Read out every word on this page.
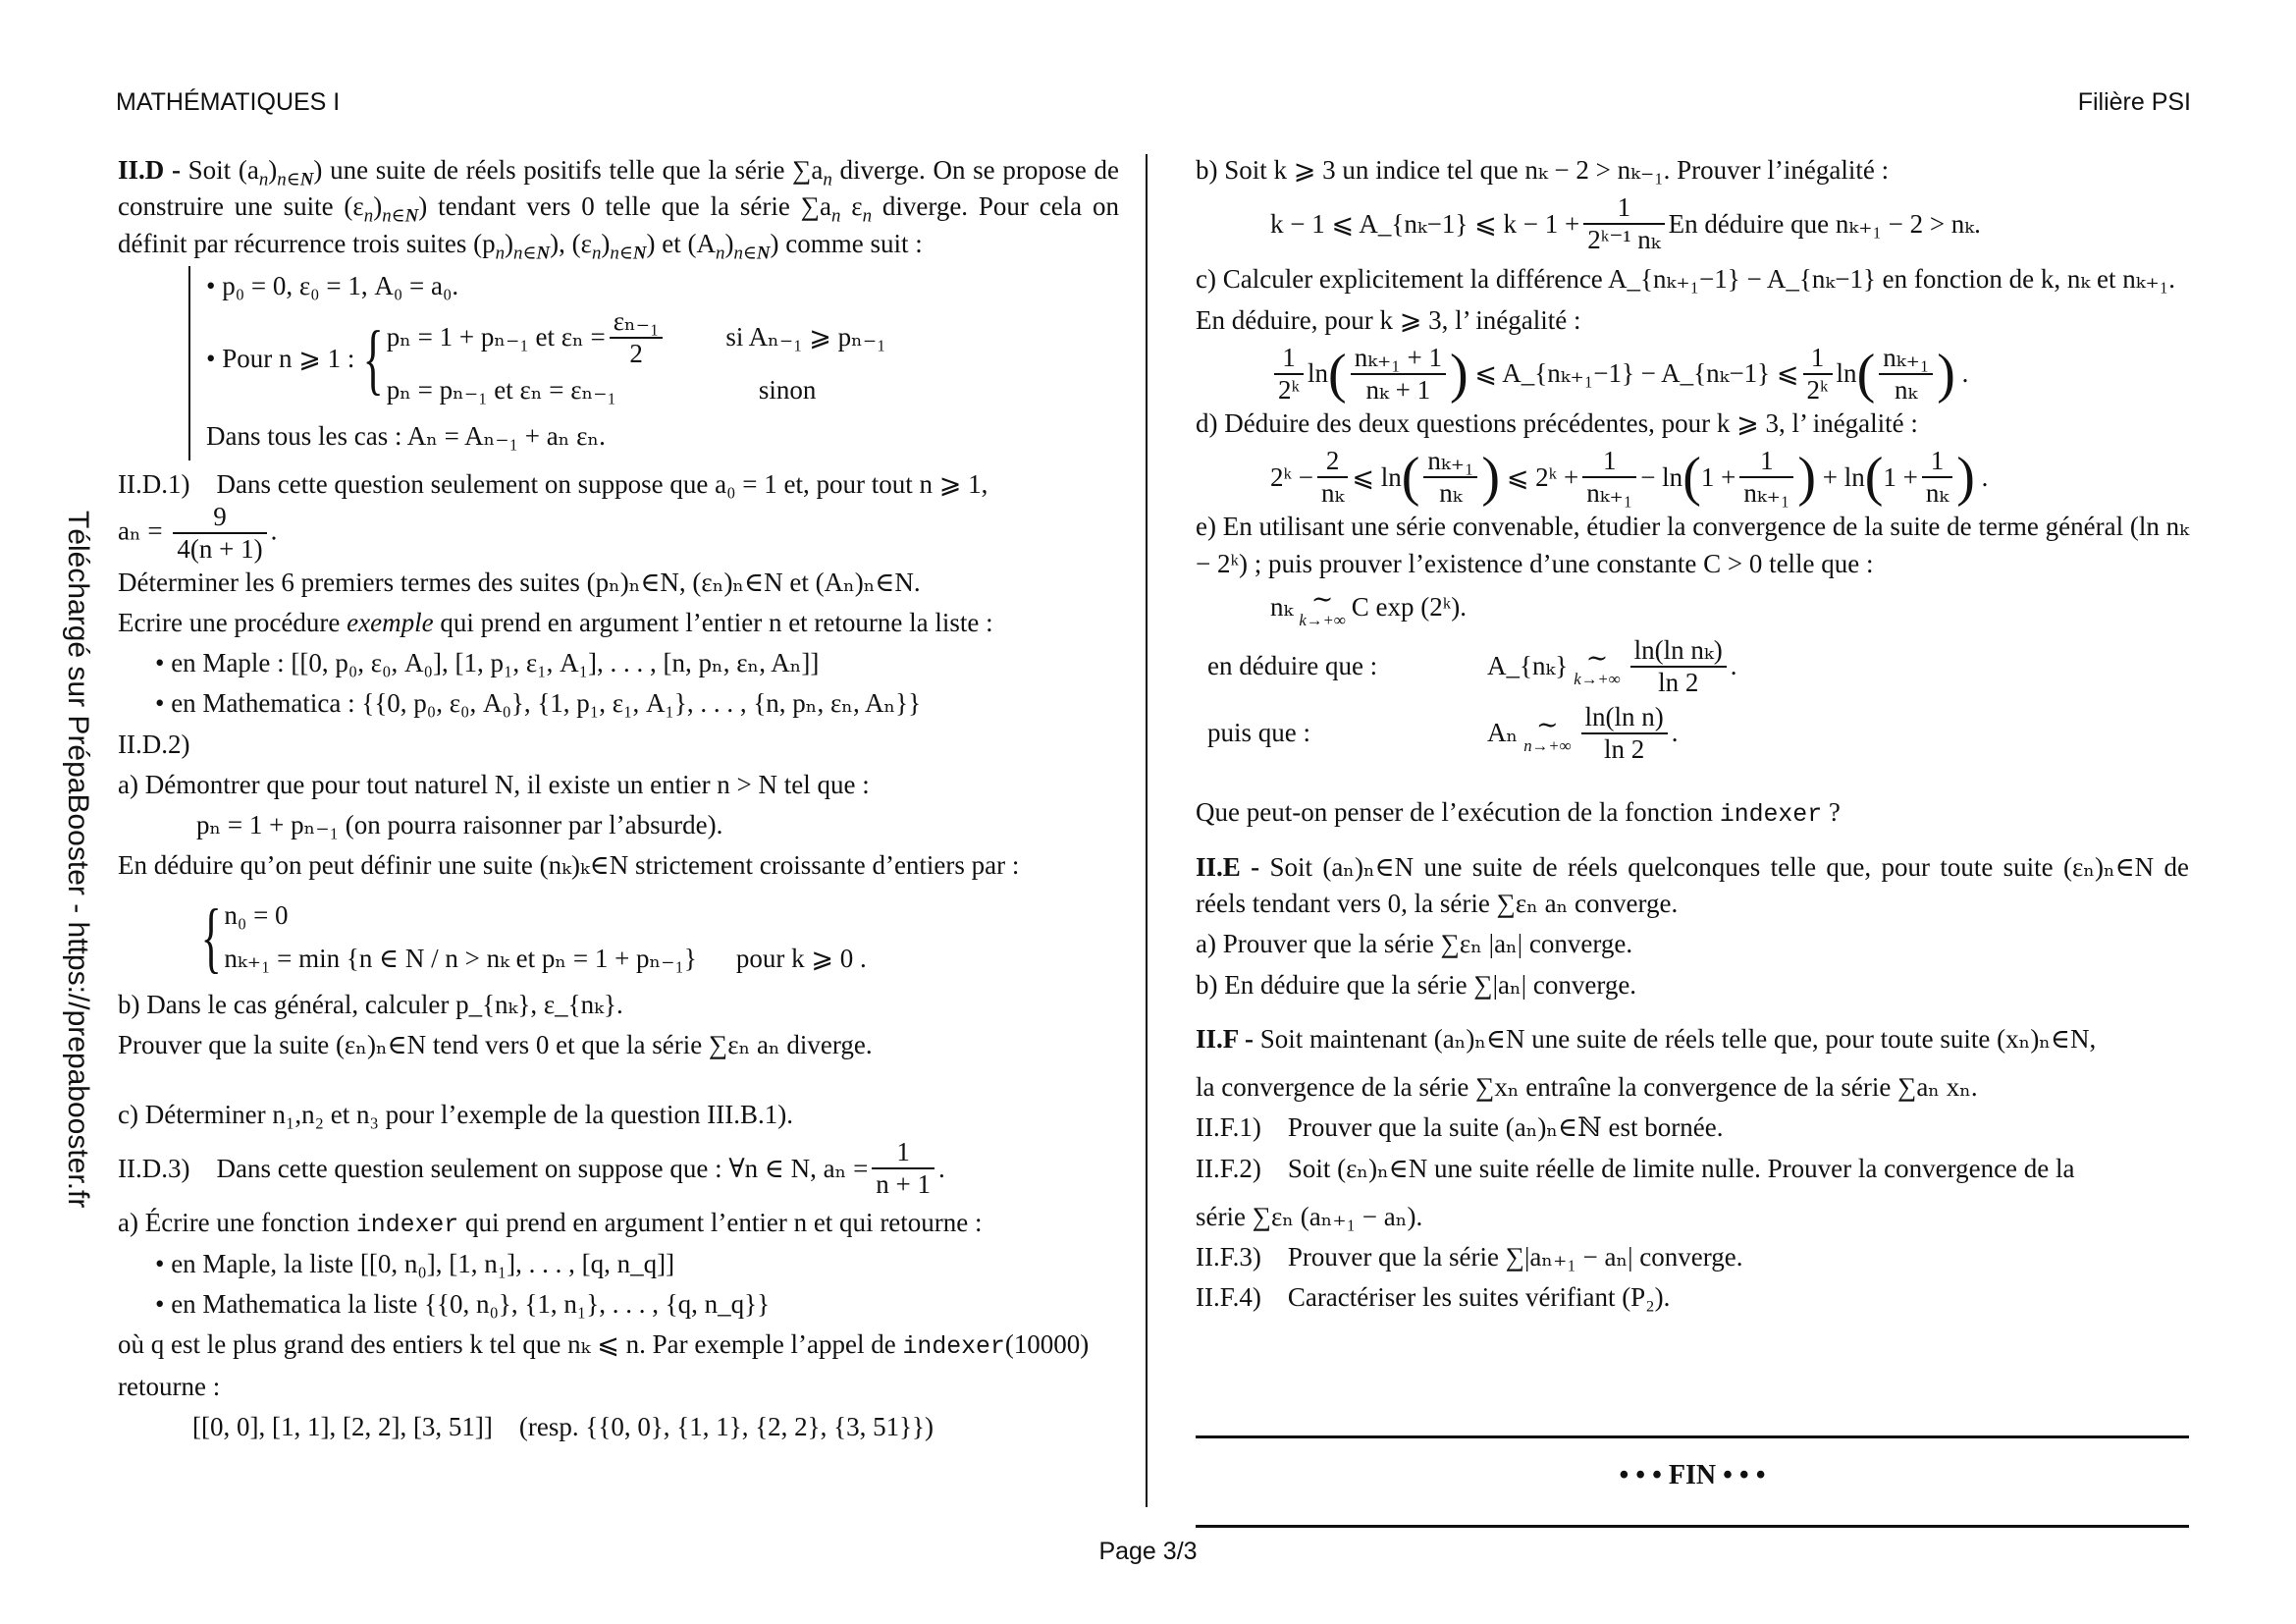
MATHÉMATIQUES I	Filière PSI
Téléchargé sur PrépaBooster - https://prepabooster.fr

II.D - Soit $(a_n)_{n\in N}$) une suite de réels positifs telle que la série $\sum a_n$ diverge. On se propose de construire une suite $(\varepsilon_n)_{n\in N}$) tendant vers 0 telle que la série $\sum a_n$ $\varepsilon_n$ diverge. Pour cela on définit par récurrence trois suites $(p_n)_{n\in N}$), $(\varepsilon_n)_{n\in N}$) et $(A_n)_{n\in N}$) comme suit :

• p₀ = 0, ε₀ = 1, A₀ = a₀.
• Pour n ⩾ 1 : { pₙ = 1 + pₙ₋₁ et $\varepsilon_n = \frac{\text{εₙ₋₁}}{2}$ si Aₙ₋₁ ⩾ pₙ₋₁
pₙ = pₙ₋₁ et εₙ = εₙ₋₁	sinon
Dans tous les cas : Aₙ = Aₙ₋₁ + aₙ εₙ.

II.D.1) Dans cette question seulement on suppose que a₀ = 1 et, pour tout n ⩾ 1,

$a_n = \frac{9}{4(n + 1)}$ .

Déterminer les 6 premiers termes des suites (pₙ)ₙ∈N, (εₙ)ₙ∈N et (Aₙ)ₙ∈N.

Ecrire une procédure exemple qui prend en argument l’entier n et retourne la liste :

• en Maple : [[0, p₀, ε₀, A₀], [1, p₁, ε₁, A₁], . . . , [n, pₙ, εₙ, Aₙ]]

• en Mathematica : {{0, p₀, ε₀, A₀}, {1, p₁, ε₁, A₁}, . . . , {n, pₙ, εₙ, Aₙ}}

II.D.2)

a) Démontrer que pour tout naturel N, il existe un entier n > N tel que :

pₙ = 1 + pₙ₋₁ (on pourra raisonner par l’absurde).

En déduire qu’on peut définir une suite (nₖ)ₖ∈N strictement croissante d’entiers par :

{ n₀ = 0
nₖ₊₁ = min {n ∈ N / n > nₖ et pₙ = 1 + pₙ₋₁} pour k ⩾ 0 .

b) Dans le cas général, calculer p_{nₖ}, ε_{nₖ}.

Prouver que la suite (εₙ)ₙ∈N tend vers 0 et que la série ∑εₙ aₙ diverge.

c) Déterminer n₁,n₂ et n₃ pour l’exemple de la question III.B.1).

II.D.3)
Dans cette question seulement on suppose que : ∀n ∈ N, $a_n = \frac{1}{n + 1}$ .

a) Écrire une fonction indexer qui prend en argument l’entier n et qui retourne :

• en Maple, la liste [[0, n₀], [1, n₁], . . . , [q, n_q]]

• en Mathematica la liste {{0, n₀}, {1, n₁}, . . . , {q, n_q}}

où q est le plus grand des entiers k tel que nₖ ⩽ n. Par exemple l’appel de indexer(10000)

retourne :

[[0, 0], [1, 1], [2, 2], [3, 51]] (resp. {{0, 0}, {1, 1}, {2, 2}, {3, 51}})

b) Soit k ⩾ 3 un indice tel que nₖ − 2 > nₖ₋₁. Prouver l’inégalité :

k − 1 ⩽ A_{nₖ−1} ⩽ $k - 1 + \frac{1}{\text{2ᵏ⁻¹ nₖ}}$ En déduire que nₖ₊₁ − 2 > nₖ.

c) Calculer explicitement la différence A_{nₖ₊₁−1} − A_{nₖ−1} en fonction de k, nₖ et nₖ₊₁.

En déduire, pour k ⩾ 3, l’ inégalité :

$\frac{1}{\text{2ᵏ}}$ ln ( $\frac{\text{nₖ₊₁ + 1}}{\text{nₖ + 1}}$ )
⩽ A_{nₖ₊₁−1} − A_{nₖ−1} ⩽ $\frac{1}{\text{2ᵏ}}$ ln ( $\frac{\text{nₖ₊₁}}{\text{nₖ}}$ ) .

d) Déduire des deux questions précédentes, pour k ⩾ 3, l’ inégalité :

2ᵏ − $\frac{2}{\text{nₖ}}$ ⩽ ln ( $\frac{\text{nₖ₊₁}}{\text{nₖ}}$ )
⩽ 2ᵏ + $\frac{1}{\text{nₖ₊₁}} - \ln$ ( $1 + \frac{1}{\text{nₖ₊₁}}$ )
+ ln ( $1 + \frac{1}{\text{nₖ}}$ ) .

e) En utilisant une série convenable, étudier la convergence de la suite de terme général (ln nₖ − 2ᵏ) ; puis prouver l’existence d’une constante C > 0 telle que :

nₖ ∼
k→+∞ C exp (2ᵏ).
en déduire que :	A_{nₖ} ∼
$k\to+\infty \frac{\text{ln(ln nₖ)}}{\ln 2}$ .
puis que :	Aₙ ∼
$n\to+\infty \frac{\text{ln(ln n)}}{\ln 2}$ .

Que peut-on penser de l’exécution de la fonction indexer ?

II.E - Soit (aₙ)ₙ∈N une suite de réels quelconques telle que, pour toute suite (εₙ)ₙ∈N de réels tendant vers 0, la série ∑εₙ aₙ converge.

a) Prouver que la série ∑εₙ |aₙ| converge.

b) En déduire que la série ∑|aₙ| converge.

II.F - Soit maintenant (aₙ)ₙ∈N une suite de réels telle que, pour toute suite (xₙ)ₙ∈N,

la convergence de la série ∑xₙ entraîne la convergence de la série ∑aₙ xₙ.

II.F.1) Prouver que la suite (aₙ)ₙ∈ℕ est bornée.

II.F.2) Soit (εₙ)ₙ∈N une suite réelle de limite nulle. Prouver la convergence de la

série ∑εₙ (aₙ₊₁ − aₙ).

II.F.3) Prouver que la série ∑|aₙ₊₁ − aₙ| converge.

II.F.4) Caractériser les suites vérifiant (P₂).

• • • FIN • • •
Page 3/3
